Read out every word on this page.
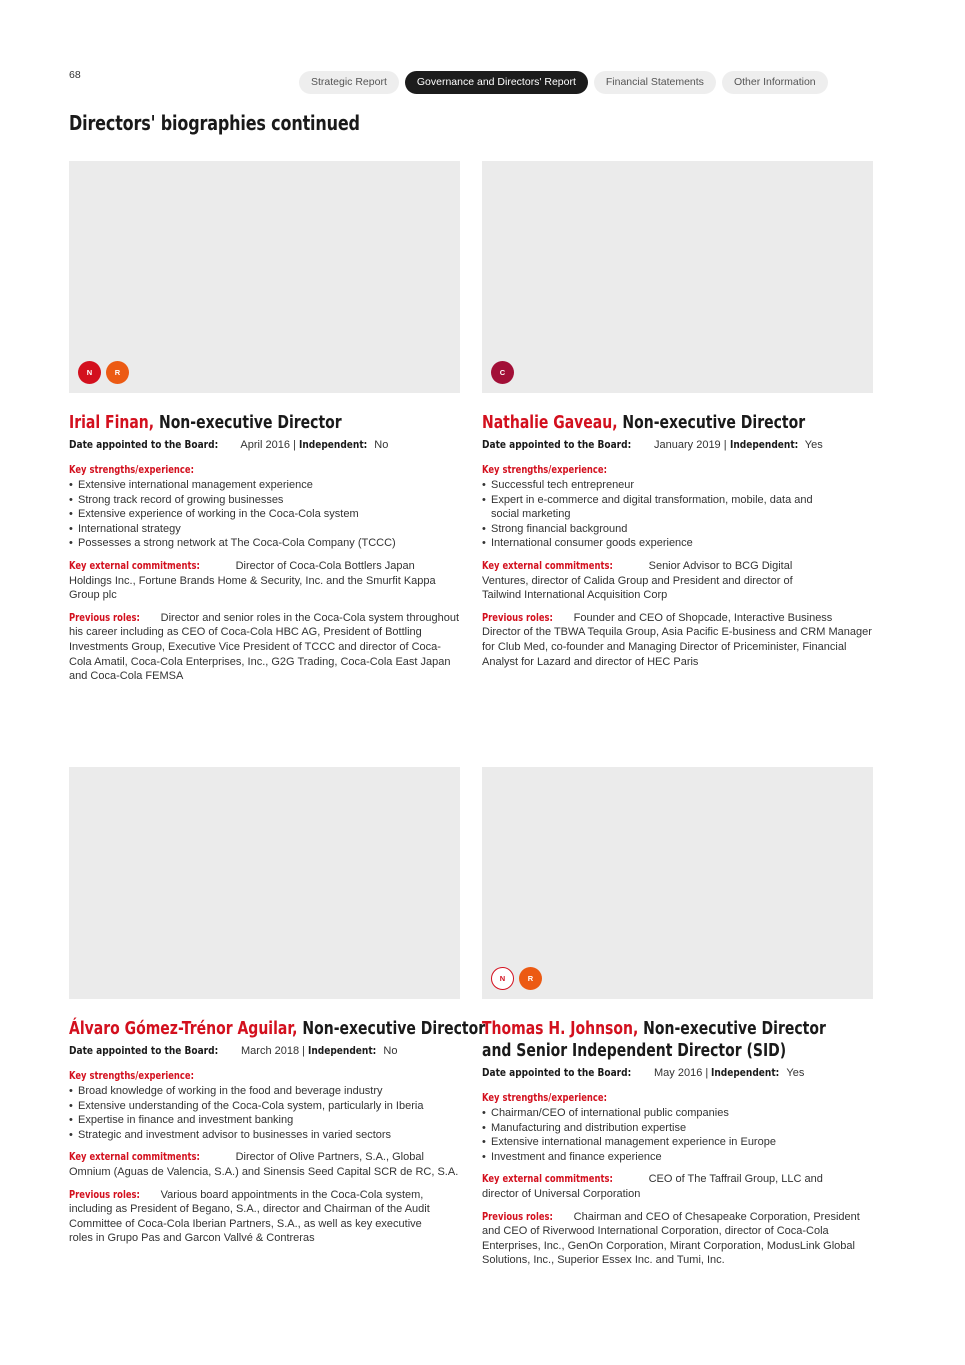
68
Strategic Report	Governance and Directors' Report	Financial Statements	Other Information
Directors' biographies continued
N	R
Irial Finan, Non-executive Director
Date appointed to the Board: April 2016 | Independent: No
Key strengths/experience:
• Extensive international management experience
• Strong track record of growing businesses
• Extensive experience of working in the Coca-Cola system
• International strategy
• Possesses a strong network at The Coca-Cola Company (TCCC)

Key external commitments:	Director of Coca-Cola Bottlers Japan Holdings Inc., Fortune Brands Home & Security, Inc. and the Smurfit Kappa Group plc

Previous roles: Director and senior roles in the Coca-Cola system throughout his career including as CEO of Coca-Cola HBC AG, President of Bottling Investments Group, Executive Vice President of TCCC and director of Coca-Cola Amatil, Coca-Cola Enterprises, Inc., G2G Trading, Coca-Cola East Japan and Coca-Cola FEMSA

C
Nathalie Gaveau, Non-executive Director
Date appointed to the Board: January 2019 | Independent: Yes
Key strengths/experience:
• Successful tech entrepreneur
• Expert in e-commerce and digital transformation, mobile, data and social marketing
• Strong financial background
• International consumer goods experience

Key external commitments:	Senior Advisor to BCG Digital Ventures, director of Calida Group and President and director of Tailwind International Acquisition Corp

Previous roles: Founder and CEO of Shopcade, Interactive Business Director of the TBWA Tequila Group, Asia Pacific E-business and CRM Manager for Club Med, co-founder and Managing Director of Priceminister, Financial Analyst for Lazard and director of HEC Paris

Álvaro Gómez-Trénor Aguilar, Non-executive Director
Date appointed to the Board: March 2018 | Independent: No
Key strengths/experience:
• Broad knowledge of working in the food and beverage industry
• Extensive understanding of the Coca-Cola system, particularly in Iberia
• Expertise in finance and investment banking
• Strategic and investment advisor to businesses in varied sectors

Key external commitments:	Director of Olive Partners, S.A., Global Omnium (Aguas de Valencia, S.A.) and Sinensis Seed Capital SCR de RC, S.A.

Previous roles: Various board appointments in the Coca-Cola system, including as President of Begano, S.A., director and Chairman of the Audit Committee of Coca-Cola Iberian Partners, S.A., as well as key executive roles in Grupo Pas and Garcon Vallvé & Contreras

N	R
Thomas H. Johnson, Non-executive Director
and Senior Independent Director (SID)
Date appointed to the Board: May 2016 | Independent: Yes
Key strengths/experience:
• Chairman/CEO of international public companies
• Manufacturing and distribution expertise
• Extensive international management experience in Europe
• Investment and finance experience

Key external commitments:	CEO of The Taffrail Group, LLC and director of Universal Corporation

Previous roles: Chairman and CEO of Chesapeake Corporation, President and CEO of Riverwood International Corporation, director of Coca-Cola Enterprises, Inc., GenOn Corporation, Mirant Corporation, ModusLink Global Solutions, Inc., Superior Essex Inc. and Tumi, Inc.
